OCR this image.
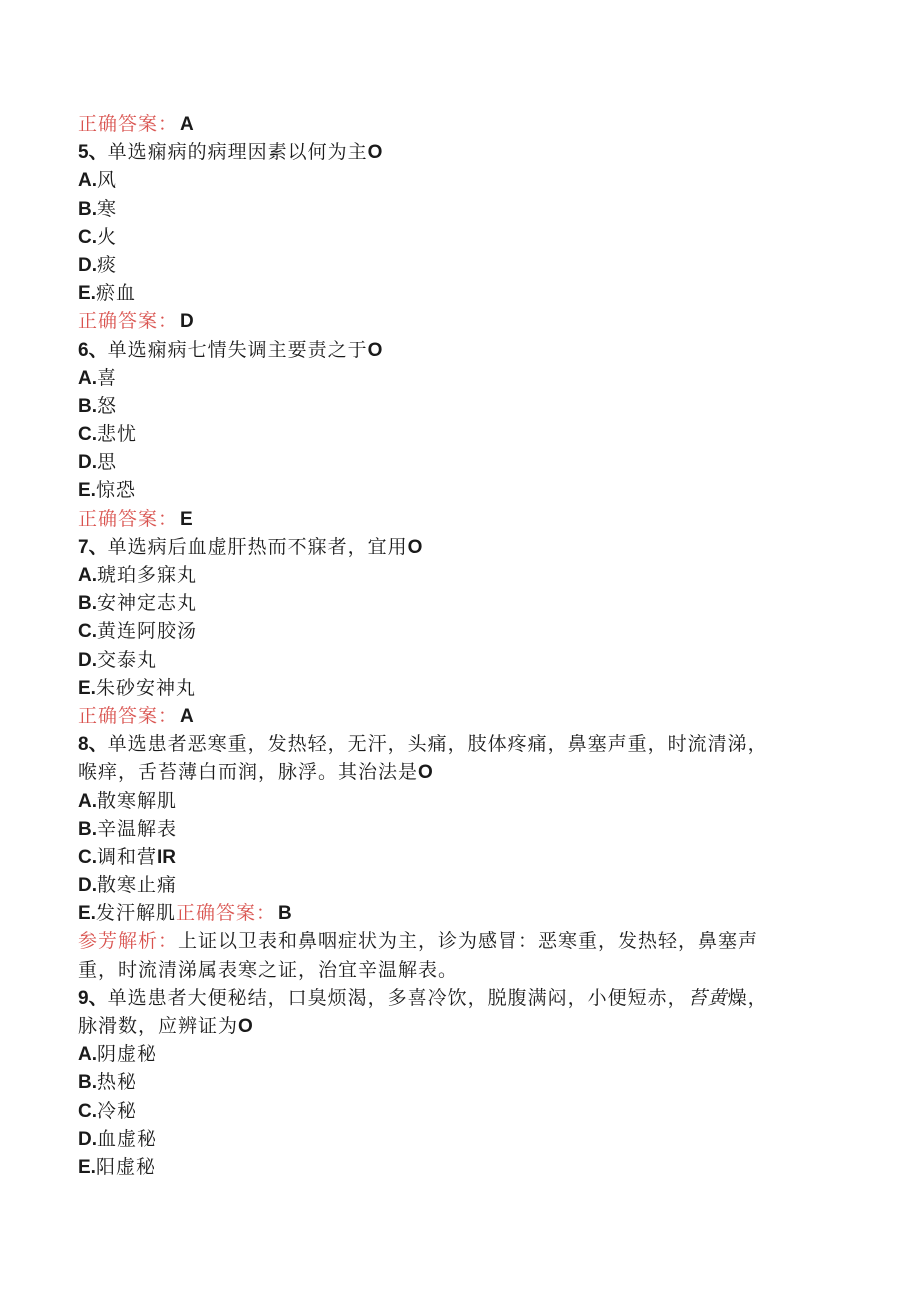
正确答案： A
5、单选痫病的病理因素以何为主O
A.风
B.寒
C.火
D.痰
E.瘀血
正确答案： D
6、单选痫病七情失调主要责之于O
A.喜
B.怒
C.悲忧
D.思
E.惊恐
正确答案： E
7、单选病后血虚肝热而不寐者，宜用O
A.琥珀多寐丸
B.安神定志丸
C.黄连阿胶汤
D.交泰丸
E.朱砂安神丸
正确答案： A
8、单选患者恶寒重，发热轻，无汗，头痛，肢体疼痛，鼻塞声重，时流清涕，
喉痒，舌苔薄白而润，脉浮。其治法是O
A.散寒解肌
B.辛温解表
C.调和营IR
D.散寒止痛
E.发汗解肌正确答案： B
参芳解析：上证以卫表和鼻咽症状为主，诊为感冒：恶寒重，发热轻，鼻塞声
重，时流清涕属表寒之证，治宜辛温解表。
9、单选患者大便秘结，口臭烦渴，多喜冷饮，脱腹满闷，小便短赤，苔黄燥，
脉滑数，应辨证为O
A.阴虚秘
B.热秘
C.冷秘
D.血虚秘
E.阳虚秘
